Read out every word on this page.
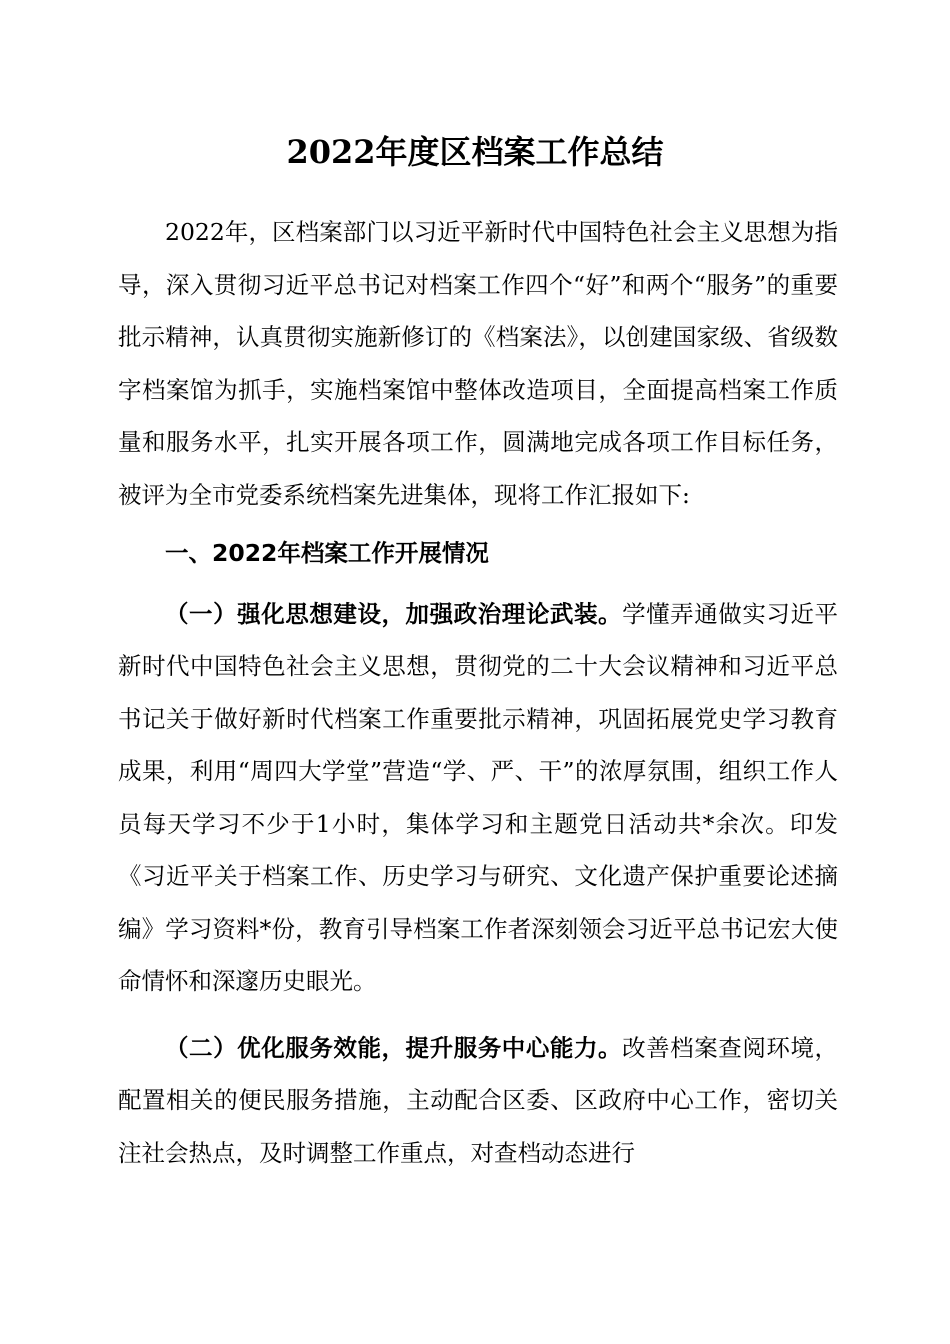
2022年度区档案工作总结

2022年，区档案部门以习近平新时代中国特色社会主义思想为指导，深入贯彻习近平总书记对档案工作四个“好”和两个“服务”的重要批示精神，认真贯彻实施新修订的《档案法》，以创建国家级、省级数字档案馆为抓手，实施档案馆中整体改造项目，全面提高档案工作质量和服务水平，扎实开展各项工作，圆满地完成各项工作目标任务，被评为全市党委系统档案先进集体，现将工作汇报如下:

一、2022年档案工作开展情况

（一）强化思想建设，加强政治理论武装。学懂弄通做实习近平新时代中国特色社会主义思想，贯彻党的二十大会议精神和习近平总书记关于做好新时代档案工作重要批示精神，巩固拓展党史学习教育成果，利用“周四大学堂”营造“学、严、干”的浓厚氛围，组织工作人员每天学习不少于1小时，集体学习和主题党日活动共*余次。印发《习近平关于档案工作、历史学习与研究、文化遗产保护重要论述摘编》学习资料*份，教育引导档案工作者深刻领会习近平总书记宏大使命情怀和深邃历史眼光。

（二）优化服务效能，提升服务中心能力。改善档案查阅环境，配置相关的便民服务措施，主动配合区委、区政府中心工作，密切关注社会热点，及时调整工作重点，对查档动态进行
